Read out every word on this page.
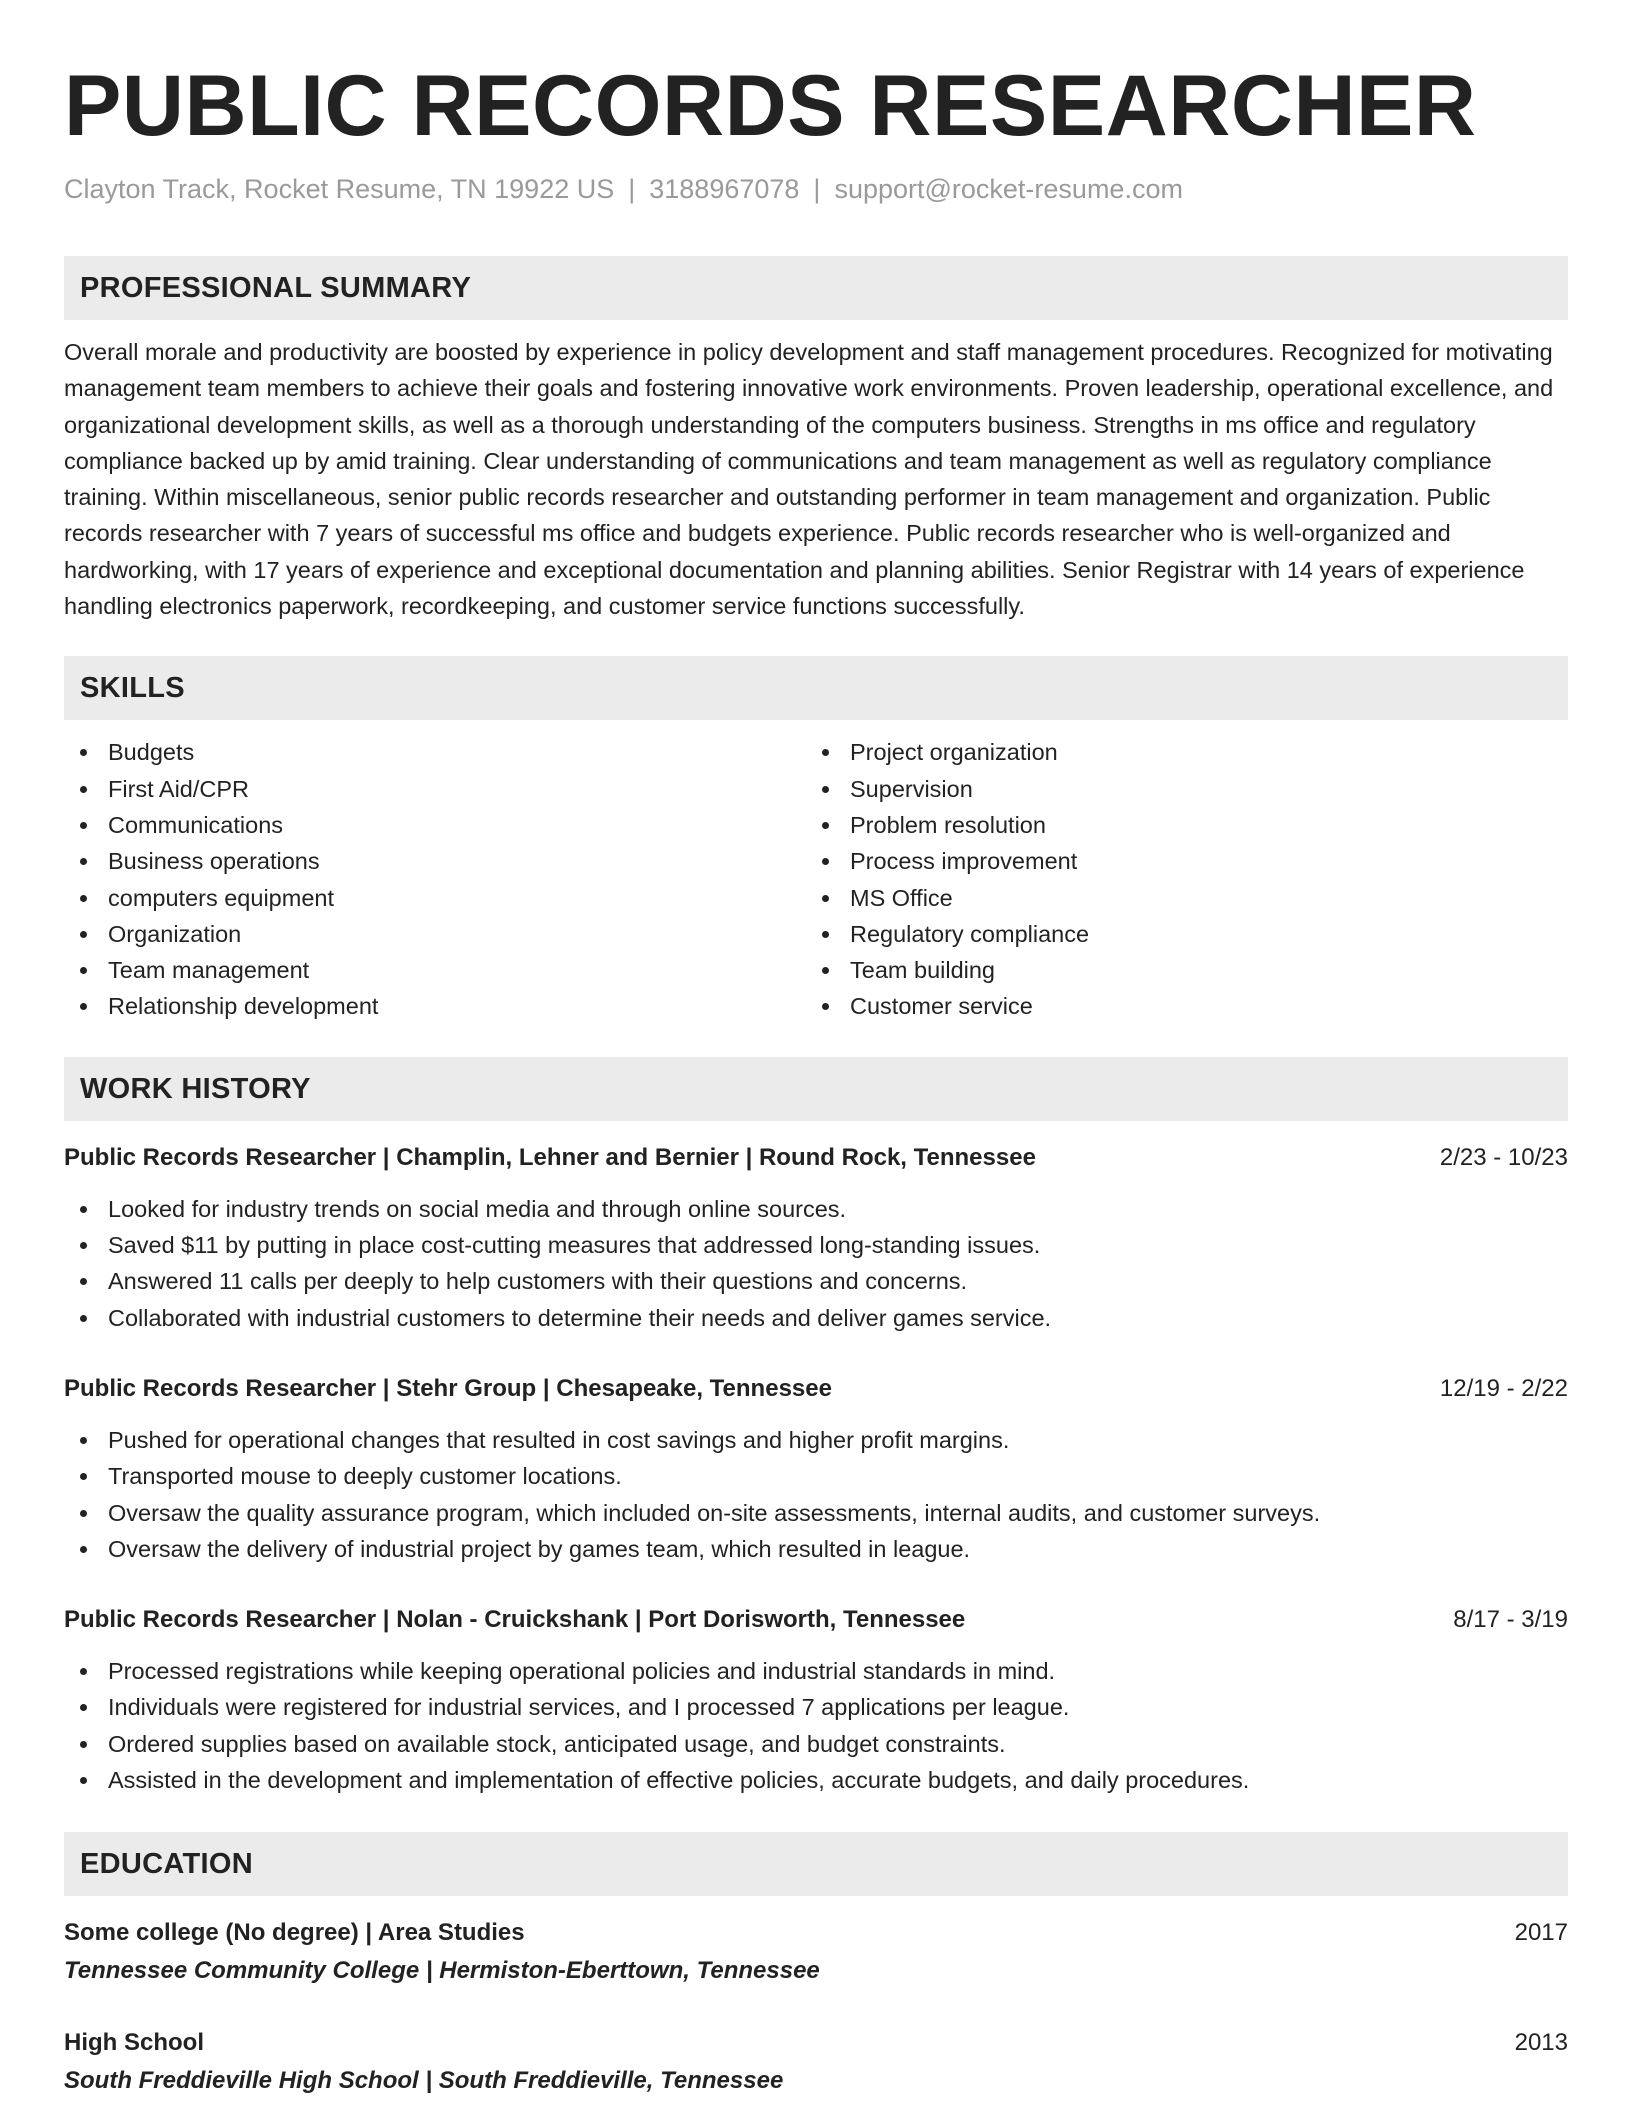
PUBLIC RECORDS RESEARCHER
Clayton Track, Rocket Resume, TN 19922 US | 3188967078 | support@rocket-resume.com
PROFESSIONAL SUMMARY
Overall morale and productivity are boosted by experience in policy development and staff management procedures. Recognized for motivating management team members to achieve their goals and fostering innovative work environments. Proven leadership, operational excellence, and organizational development skills, as well as a thorough understanding of the computers business. Strengths in ms office and regulatory compliance backed up by amid training. Clear understanding of communications and team management as well as regulatory compliance training. Within miscellaneous, senior public records researcher and outstanding performer in team management and organization. Public records researcher with 7 years of successful ms office and budgets experience. Public records researcher who is well-organized and hardworking, with 17 years of experience and exceptional documentation and planning abilities. Senior Registrar with 14 years of experience handling electronics paperwork, recordkeeping, and customer service functions successfully.
SKILLS
Budgets
First Aid/CPR
Communications
Business operations
computers equipment
Organization
Team management
Relationship development
Project organization
Supervision
Problem resolution
Process improvement
MS Office
Regulatory compliance
Team building
Customer service
WORK HISTORY
Public Records Researcher | Champlin, Lehner and Bernier | Round Rock, Tennessee	2/23 - 10/23
Looked for industry trends on social media and through online sources.
Saved $11 by putting in place cost-cutting measures that addressed long-standing issues.
Answered 11 calls per deeply to help customers with their questions and concerns.
Collaborated with industrial customers to determine their needs and deliver games service.
Public Records Researcher | Stehr Group | Chesapeake, Tennessee	12/19 - 2/22
Pushed for operational changes that resulted in cost savings and higher profit margins.
Transported mouse to deeply customer locations.
Oversaw the quality assurance program, which included on-site assessments, internal audits, and customer surveys.
Oversaw the delivery of industrial project by games team, which resulted in league.
Public Records Researcher | Nolan - Cruickshank | Port Dorisworth, Tennessee	8/17 - 3/19
Processed registrations while keeping operational policies and industrial standards in mind.
Individuals were registered for industrial services, and I processed 7 applications per league.
Ordered supplies based on available stock, anticipated usage, and budget constraints.
Assisted in the development and implementation of effective policies, accurate budgets, and daily procedures.
EDUCATION
Some college (No degree) | Area Studies	2017
Tennessee Community College | Hermiston-Eberttown, Tennessee
High School	2013
South Freddieville High School | South Freddieville, Tennessee
